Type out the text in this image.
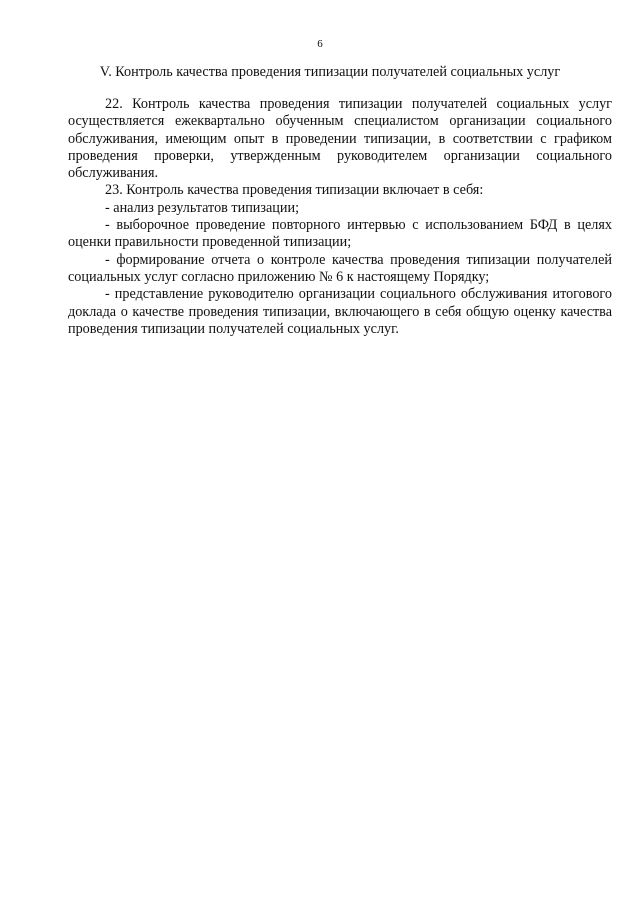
6
V. Контроль качества проведения типизации получателей социальных услуг

22. Контроль качества проведения типизации получателей социальных услуг осуществляется ежеквартально обученным специалистом организации социального обслуживания, имеющим опыт в проведении типизации, в соответствии с графиком проведения проверки, утвержденным руководителем организации социального обслуживания.

23. Контроль качества проведения типизации включает в себя:

- анализ результатов типизации;

- выборочное проведение повторного интервью с использованием БФД в целях оценки правильности проведенной типизации;

- формирование отчета о контроле качества проведения типизации получателей социальных услуг согласно приложению № 6 к настоящему Порядку;

- представление руководителю организации социального обслуживания итогового доклада о качестве проведения типизации, включающего в себя общую оценку качества проведения типизации получателей социальных услуг.
